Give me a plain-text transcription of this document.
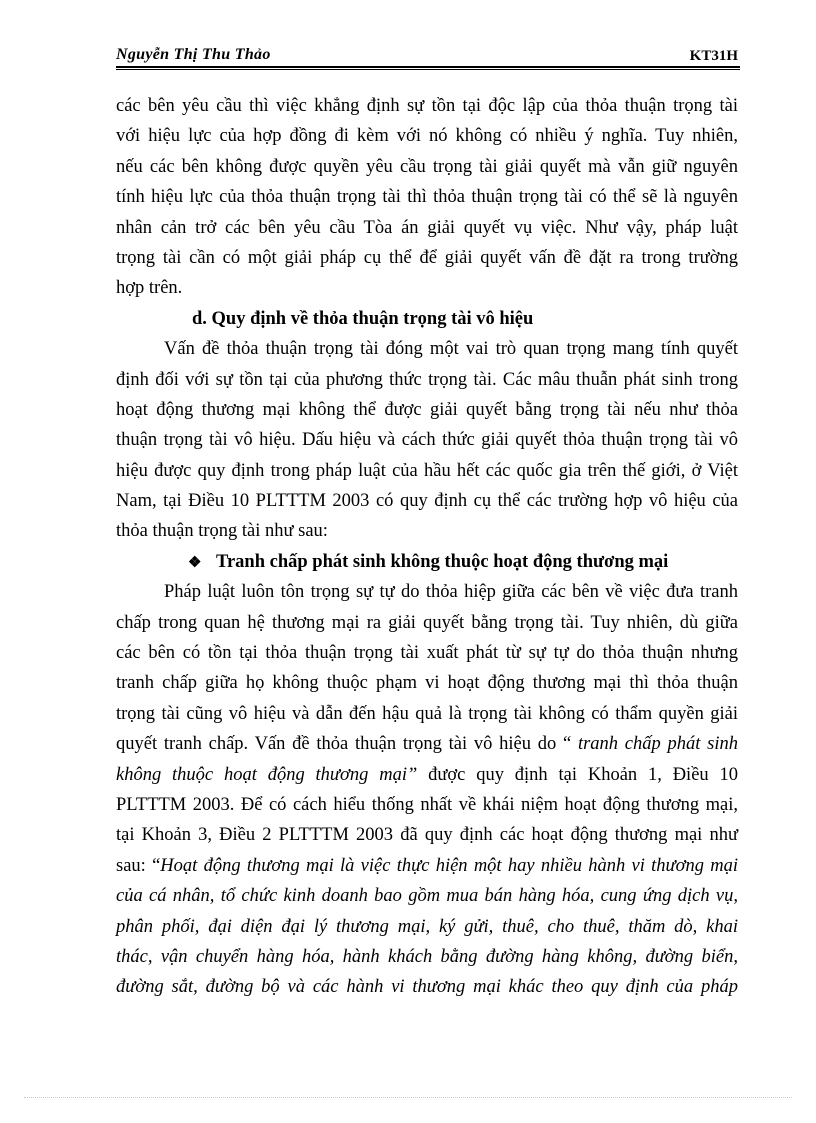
Nguyễn Thị Thu Thảo	KT31H
các bên yêu cầu thì việc khẳng định sự tồn tại độc lập của thỏa thuận trọng tài
với hiệu lực của hợp đồng đi kèm với nó không có nhiều ý nghĩa. Tuy nhiên,
nếu các bên không được quyền yêu cầu trọng tài giải quyết mà vẫn giữ nguyên
tính hiệu lực của thỏa thuận trọng tài thì thỏa thuận trọng tài có thể sẽ là nguyên
nhân cản trở các bên yêu cầu Tòa án giải quyết vụ việc. Như vậy, pháp luật
trọng tài cần có một giải pháp cụ thể để giải quyết vấn đề đặt ra trong trường
hợp trên.
d. Quy định về thỏa thuận trọng tài vô hiệu
Vấn đề thỏa thuận trọng tài đóng một vai trò quan trọng mang tính quyết
định đối với sự tồn tại của phương thức trọng tài. Các mâu thuẫn phát sinh trong
hoạt động thương mại không thể được giải quyết bằng trọng tài nếu như thỏa
thuận trọng tài vô hiệu. Dấu hiệu và cách thức giải quyết thỏa thuận trọng tài vô
hiệu được quy định trong pháp luật của hầu hết các quốc gia trên thế giới, ở Việt
Nam, tại Điều 10 PLTTTM 2003 có quy định cụ thể các trường hợp vô hiệu của
thỏa thuận trọng tài như sau:
❖ Tranh chấp phát sinh không thuộc hoạt động thương mại
Pháp luật luôn tôn trọng sự tự do thỏa hiệp giữa các bên về việc đưa tranh
chấp trong quan hệ thương mại ra giải quyết bằng trọng tài. Tuy nhiên, dù giữa
các bên có tồn tại thỏa thuận trọng tài xuất phát từ sự tự do thỏa thuận nhưng
tranh chấp giữa họ không thuộc phạm vi hoạt động thương mại thì thỏa thuận
trọng tài cũng vô hiệu và dẫn đến hậu quả là trọng tài không có thẩm quyền giải
quyết tranh chấp. Vấn đề thỏa thuận trọng tài vô hiệu do “ tranh chấp phát sinh
không thuộc hoạt động thương mại” được quy định tại Khoản 1, Điều 10
PLTTTM 2003. Để có cách hiểu thống nhất về khái niệm hoạt động thương mại,
tại Khoản 3, Điều 2 PLTTTM 2003 đã quy định các hoạt động thương mại như
sau: “Hoạt động thương mại là việc thực hiện một hay nhiều hành vi thương mại
của cá nhân, tổ chức kinh doanh bao gồm mua bán hàng hóa, cung ứng dịch vụ,
phân phối, đại diện đại lý thương mại, ký gửi, thuê, cho thuê, thăm dò, khai
thác, vận chuyển hàng hóa, hành khách bằng đường hàng không, đường biển,
đường sắt, đường bộ và các hành vi thương mại khác theo quy định của pháp
